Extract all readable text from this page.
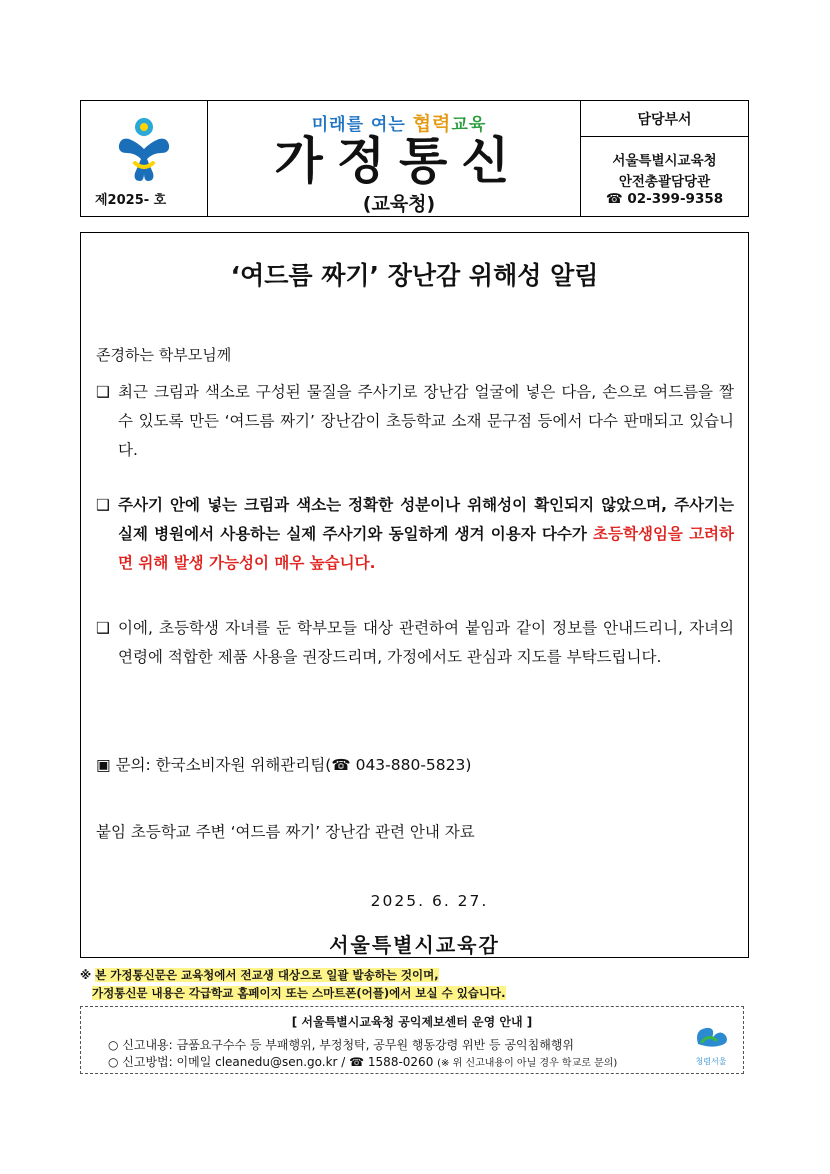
제2025- 호
미래를 여는 협력교육
가정통신
(교육청)
담당부서
서울특별시교육청
안전총괄담당관
☎ 02-399-9358
‘여드름 짜기’ 장난감 위해성 알림
존경하는 학부모님께
❑ 최근 크림과 색소로 구성된 물질을 주사기로 장난감 얼굴에 넣은 다음, 손으로 여드름을 짤 수 있도록 만든 ‘여드름 짜기’ 장난감이 초등학교 소재 문구점 등에서 다수 판매되고 있습니다.
❑ 주사기 안에 넣는 크림과 색소는 정확한 성분이나 위해성이 확인되지 않았으며, 주사기는 실제 병원에서 사용하는 실제 주사기와 동일하게 생겨 이용자 다수가 초등학생임을 고려하면 위해 발생 가능성이 매우 높습니다.
❑ 이에, 초등학생 자녀를 둔 학부모들 대상 관련하여 붙임과 같이 정보를 안내드리니, 자녀의 연령에 적합한 제품 사용을 권장드리며, 가정에서도 관심과 지도를 부탁드립니다.
▣ 문의: 한국소비자원 위해관리팀(☎ 043-880-5823)
붙임 초등학교 주변 ‘여드름 짜기’ 장난감 관련 안내 자료
2025. 6. 27.
서울특별시교육감
※ 본 가정통신문은 교육청에서 전교생 대상으로 일괄 발송하는 것이며,
가정통신문 내용은 각급학교 홈페이지 또는 스마트폰(어플)에서 보실 수 있습니다.
[ 서울특별시교육청 공익제보센터 운영 안내 ]
○ 신고내용: 금품요구수수 등 부패행위, 부정청탁, 공무원 행동강령 위반 등 공익침해행위
○ 신고방법: 이메일 cleanedu@sen.go.kr / ☎ 1588-0260 (※ 위 신고내용이 아닐 경우 학교로 문의)	청렴서울
